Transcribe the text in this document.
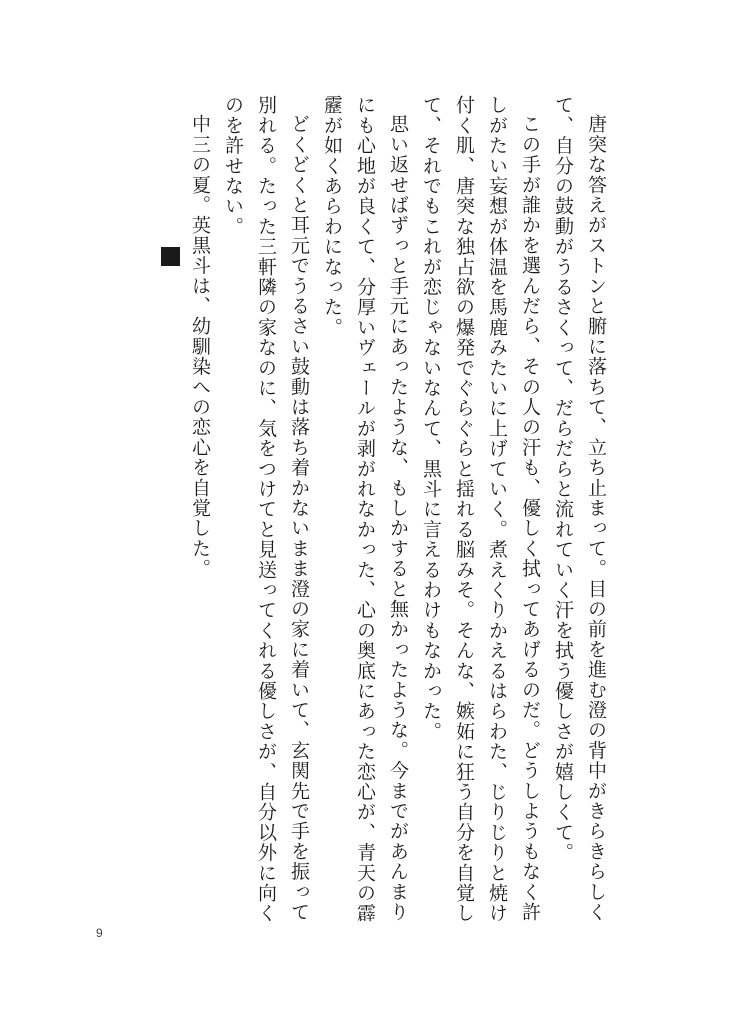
唐突な答えがストンと腑に落ちて、立ち止まって。目の前を進む澄の背中がきらきらしくて、自分の鼓動がうるさくって、だらだらと流れていく汗を拭う優しさが嬉しくて。

この手が誰かを選んだら、その人の汗も、優しく拭ってあげるのだ。どうしようもなく許しがたい妄想が体温を馬鹿みたいに上げていく。煮えくりかえるはらわた、じりじりと焼け付く肌、唐突な独占欲の爆発でぐらぐらと揺れる脳みそ。そんな、嫉妬に狂う自分を自覚して、それでもこれが恋じゃないなんて、黒斗に言えるわけもなかった。

思い返せばずっと手元にあったような、もしかすると無かったような。今までがあんまりにも心地が良くて、分厚いヴェールが剥がれなかった、心の奥底にあった恋心が、青天の霹靂が如くあらわになった。

どくどくと耳元でうるさい鼓動は落ち着かないまま澄の家に着いて、玄関先で手を振って別れる。たった三軒隣の家なのに、気をつけてと見送ってくれる優しさが、自分以外に向くのを許せない。

中三の夏。英黒斗は、幼馴染への恋心を自覚した。

9
